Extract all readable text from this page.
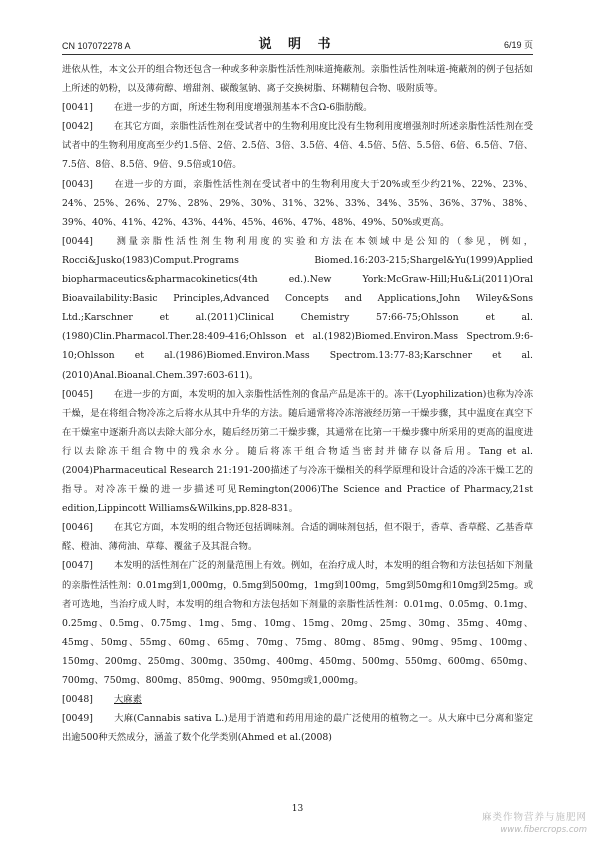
CN 107072278 A	说 明 书	6/19 页

进依从性，本文公开的组合物还包含一种或多种亲脂性活性剂味道掩蔽剂。亲脂性活性剂味道-掩蔽剂的例子包括如上所述的奶粉，以及薄荷醇、增甜剂、碳酸氢钠、离子交换树脂、环糊精包合物、吸附质等。

[0041] 在进一步的方面，所述生物利用度增强剂基本不含Ω-6脂肪酸。

[0042] 在其它方面，亲脂性活性剂在受试者中的生物利用度比没有生物利用度增强剂时所述亲脂性活性剂在受试者中的生物利用度高至少约1.5倍、2倍、2.5倍、3倍、3.5倍、4倍、4.5倍、5倍、5.5倍、6倍、6.5倍、7倍、7.5倍、8倍、8.5倍、9倍、9.5倍或10倍。

[0043] 在进一步的方面，亲脂性活性剂在受试者中的生物利用度大于20%或至少约21%、22%、23%、24%、25%、26%、27%、28%、29%、30%、31%、32%、33%、34%、35%、36%、37%、38%、39%、40%、41%、42%、43%、44%、45%、46%、47%、48%、49%、50%或更高。

[0044] 测量亲脂性活性剂生物利用度的实验和方法在本领域中是公知的（参见，例如，Rocci&Jusko(1983)Comput.Programs Biomed.16:203-215;Shargel&Yu(1999)Applied biopharmaceutics&pharmacokinetics(4th ed.).New York:McGraw-Hill;Hu&Li(2011)Oral Bioavailability:Basic Principles,Advanced Concepts and Applications,John Wiley&Sons Ltd.;Karschner et al.(2011)Clinical Chemistry 57:66-75;Ohlsson et al.(1980)Clin.Pharmacol.Ther.28:409-416;Ohlsson et al.(1982)Biomed.Environ.Mass Spectrom.9:6-10;Ohlsson et al.(1986)Biomed.Environ.Mass Spectrom.13:77-83;Karschner et al.(2010)Anal.Bioanal.Chem.397:603-611)。

[0045] 在进一步的方面，本发明的加入亲脂性活性剂的食品产品是冻干的。冻干(Lyophilization)也称为冷冻干燥，是在将组合物冷冻之后将水从其中升华的方法。随后通常将冷冻溶液经历第一干燥步骤，其中温度在真空下在干燥室中逐渐升高以去除大部分水，随后经历第二干燥步骤，其通常在比第一干燥步骤中所采用的更高的温度进行以去除冻干组合物中的残余水分。随后将冻干组合物适当密封并储存以备后用。Tang et al.(2004)Pharmaceutical Research 21:191-200描述了与冷冻干燥相关的科学原理和设计合适的冷冻干燥工艺的指导。对冷冻干燥的进一步描述可见Remington(2006)The Science and Practice of Pharmacy,21st edition,Lippincott Williams&Wilkins,pp.828-831。

[0046] 在其它方面，本发明的组合物还包括调味剂。合适的调味剂包括，但不限于，香草、香草醛、乙基香草醛、橙油、薄荷油、草莓、覆盆子及其混合物。

[0047] 本发明的活性剂在广泛的剂量范围上有效。例如，在治疗成人时，本发明的组合物和方法包括如下剂量的亲脂性活性剂：0.01mg到1,000mg，0.5mg到500mg，1mg到100mg，5mg到50mg和10mg到25mg。或者可选地，当治疗成人时，本发明的组合物和方法包括如下剂量的亲脂性活性剂：0.01mg、0.05mg、0.1mg、0.25mg、0.5mg、0.75mg、1mg、5mg、10mg、15mg、20mg、25mg、30mg、35mg、40mg、45mg、50mg、55mg、60mg、65mg、70mg、75mg、80mg、85mg、90mg、95mg、100mg、150mg、200mg、250mg、300mg、350mg、400mg、450mg、500mg、550mg、600mg、650mg、700mg、750mg、800mg、850mg、900mg、950mg或1,000mg。

[0048] 大麻素

[0049] 大麻(Cannabis sativa L.)是用于消遣和药用用途的最广泛使用的植物之一。从大麻中已分离和鉴定出逾500种天然成分，涵盖了数个化学类别(Ahmed et al.(2008)

13
麻类作物营养与施肥网
www.fibercrops.com
